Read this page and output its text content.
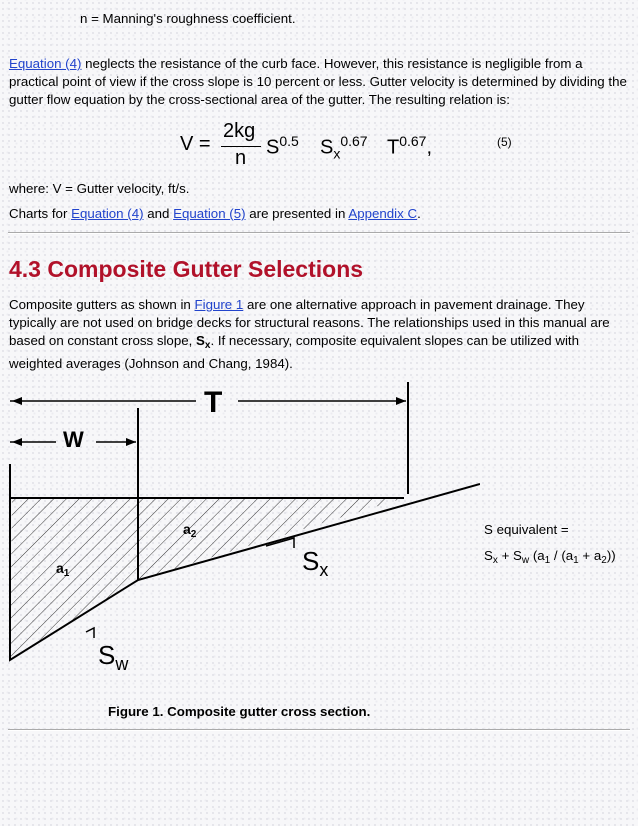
n = Manning's roughness coefficient.

Equation (4) neglects the resistance of the curb face. However, this resistance is negligible from a practical point of view if the cross slope is 10 percent or less. Gutter velocity is determined by dividing the gutter flow equation by the cross-sectional area of the gutter. The resulting relation is:

V =
2kg
n $S^{0.5}$ $S_x^{0.67}$ $T^{0.67}$,	(5)

where: V = Gutter velocity, ft/s.

Charts for Equation (4) and Equation (5) are presented in Appendix C.

4.3 Composite Gutter Selections

Composite gutters as shown in Figure 1 are one alternative approach in pavement drainage. They typically are not used on bridge decks for structural reasons. The relationships used in this manual are based on constant cross slope, $S_x$. If necessary, composite equivalent slopes can be utilized with weighted averages (Johnson and Chang, 1984).

T
W
$a_1$
$a_2$
$S_x$
$S_w$

S equivalent =

$S_x + S_w$ $(a_1 / (a_1 + a_2))$

Figure 1. Composite gutter cross section.
